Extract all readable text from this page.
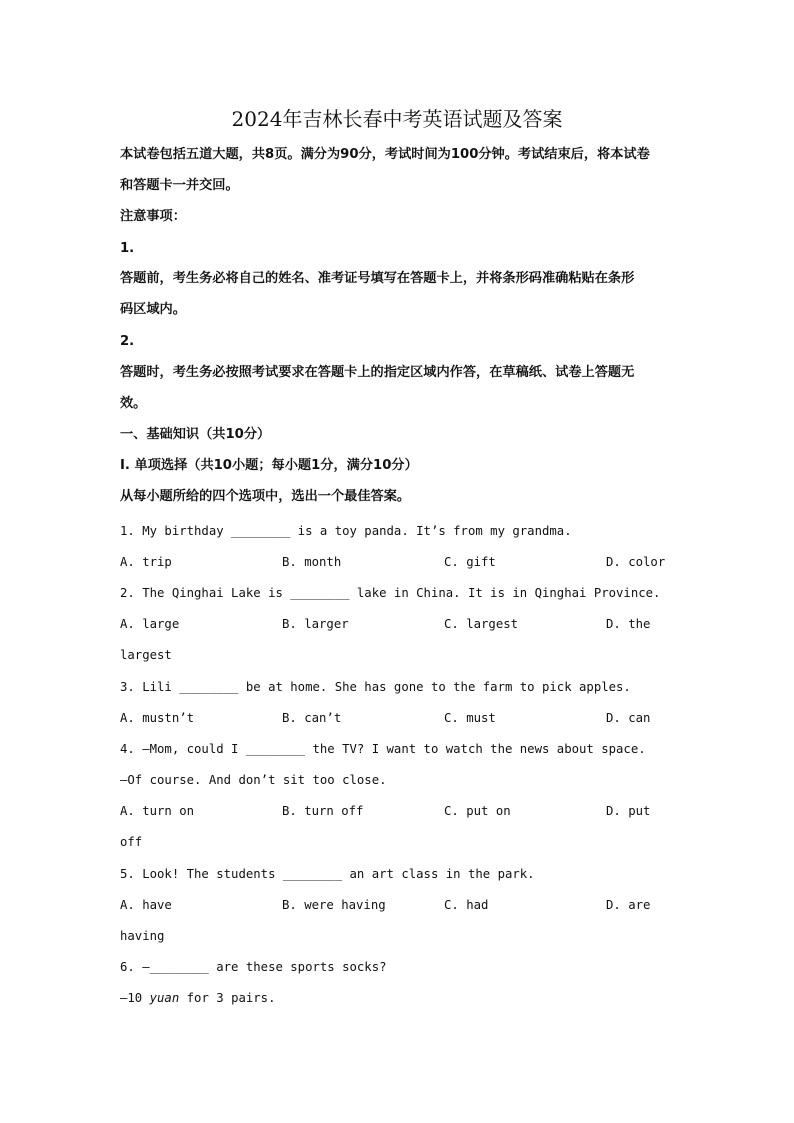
2024年吉林长春中考英语试题及答案
本试卷包括五道大题，共8页。满分为90分，考试时间为100分钟。考试结束后，将本试卷
和答题卡一并交回。
注意事项：
1.
答题前，考生务必将自己的姓名、准考证号填写在答题卡上，并将条形码准确粘贴在条形
码区域内。
2.
答题时，考生务必按照考试要求在答题卡上的指定区域内作答，在草稿纸、试卷上答题无
效。
一、基础知识（共10分）
Ⅰ. 单项选择（共10小题；每小题1分，满分10分）
从每小题所给的四个选项中，选出一个最佳答案。
1. My birthday ________ is a toy panda. It’s from my grandma.
A. trip	B. month	C. gift	D. color
2. The Qinghai Lake is ________ lake in China. It is in Qinghai Province.
A. large	B. larger	C. largest	D. the
largest
3. Lili ________ be at home. She has gone to the farm to pick apples.
A. mustn’t	B. can’t	C. must	D. can
4. —Mom, could I ________ the TV? I want to watch the news about space.
—Of course. And don’t sit too close.
A. turn on	B. turn off	C. put on	D. put
off
5. Look! The students ________ an art class in the park.
A. have	B. were having	C. had	D. are
having
6. —________ are these sports socks?
—10 yuan for 3 pairs.
